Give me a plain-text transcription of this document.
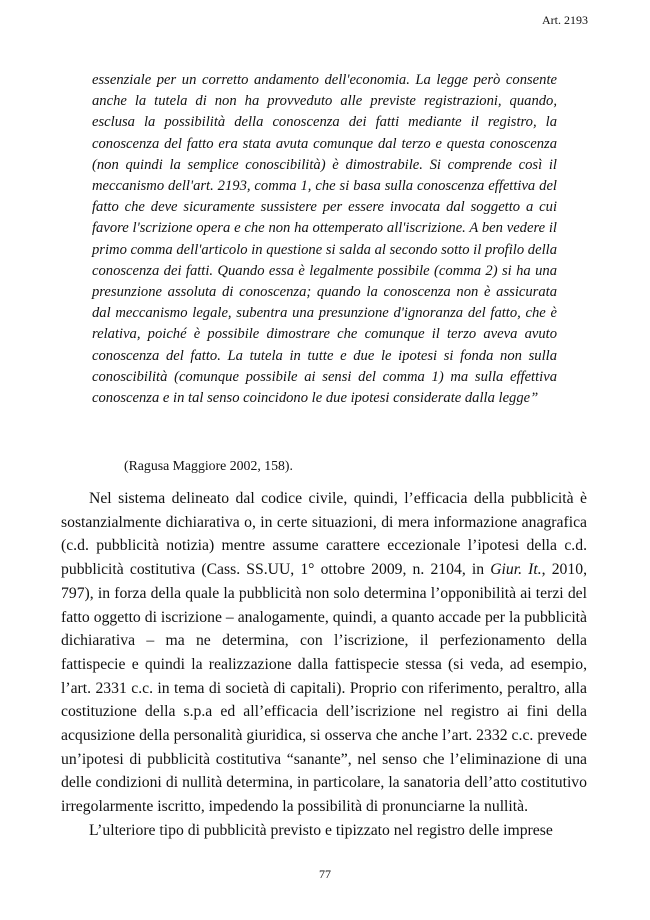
Art. 2193

essenziale per un corretto andamento dell'economia. La legge però consente anche la tutela di non ha provveduto alle previste registrazioni, quando, esclusa la possibilità della conoscenza dei fatti mediante il registro, la conoscenza del fatto era stata avuta comunque dal terzo e questa conoscenza (non quindi la semplice conoscibilità) è dimostrabile. Si comprende così il meccanismo dell'art. 2193, comma 1, che si basa sulla conoscenza effettiva del fatto che deve sicuramente sussistere per essere invocata dal soggetto a cui favore l'scrizione opera e che non ha ottemperato all'iscrizione. A ben vedere il primo comma dell'articolo in questione si salda al secondo sotto il profilo della conoscenza dei fatti. Quando essa è legalmente possibile (comma 2) si ha una presunzione assoluta di conoscenza; quando la conoscenza non è assicurata dal meccanismo legale, subentra una presunzione d'ignoranza del fatto, che è relativa, poiché è possibile dimostrare che comunque il terzo aveva avuto conoscenza del fatto. La tutela in tutte e due le ipotesi si fonda non sulla conoscibilità (comunque possibile ai sensi del comma 1) ma sulla effettiva conoscenza e in tal senso coincidono le due ipotesi considerate dalla legge”

(Ragusa Maggiore 2002, 158).

Nel sistema delineato dal codice civile, quindi, l’efficacia della pubblicità è sostanzialmente dichiarativa o, in certe situazioni, di mera informazione anagrafica (c.d. pubblicità notizia) mentre assume carattere eccezionale l’ipotesi della c.d. pubblicità costitutiva (Cass. SS.UU, 1° ottobre 2009, n. 2104, in Giur. It., 2010, 797), in forza della quale la pubblicità non solo determina l’opponibilità ai terzi del fatto oggetto di iscrizione – analogamente, quindi, a quanto accade per la pubblicità dichiarativa – ma ne determina, con l’iscrizione, il perfezionamento della fattispecie e quindi la realizzazione dalla fattispecie stessa (si veda, ad esempio, l’art. 2331 c.c. in tema di società di capitali). Proprio con riferimento, peraltro, alla costituzione della s.p.a ed all’efficacia dell’iscrizione nel registro ai fini della acqusizione della personalità giuridica, si osserva che anche l’art. 2332 c.c. prevede un’ipotesi di pubblicità costitutiva “sanante”, nel senso che l’eliminazione di una delle condizioni di nullità determina, in particolare, la sanatoria dell’atto costitutivo irregolarmente iscritto, impedendo la possibilità di pronunciarne la nullità.

L’ulteriore tipo di pubblicità previsto e tipizzato nel registro delle imprese

77
